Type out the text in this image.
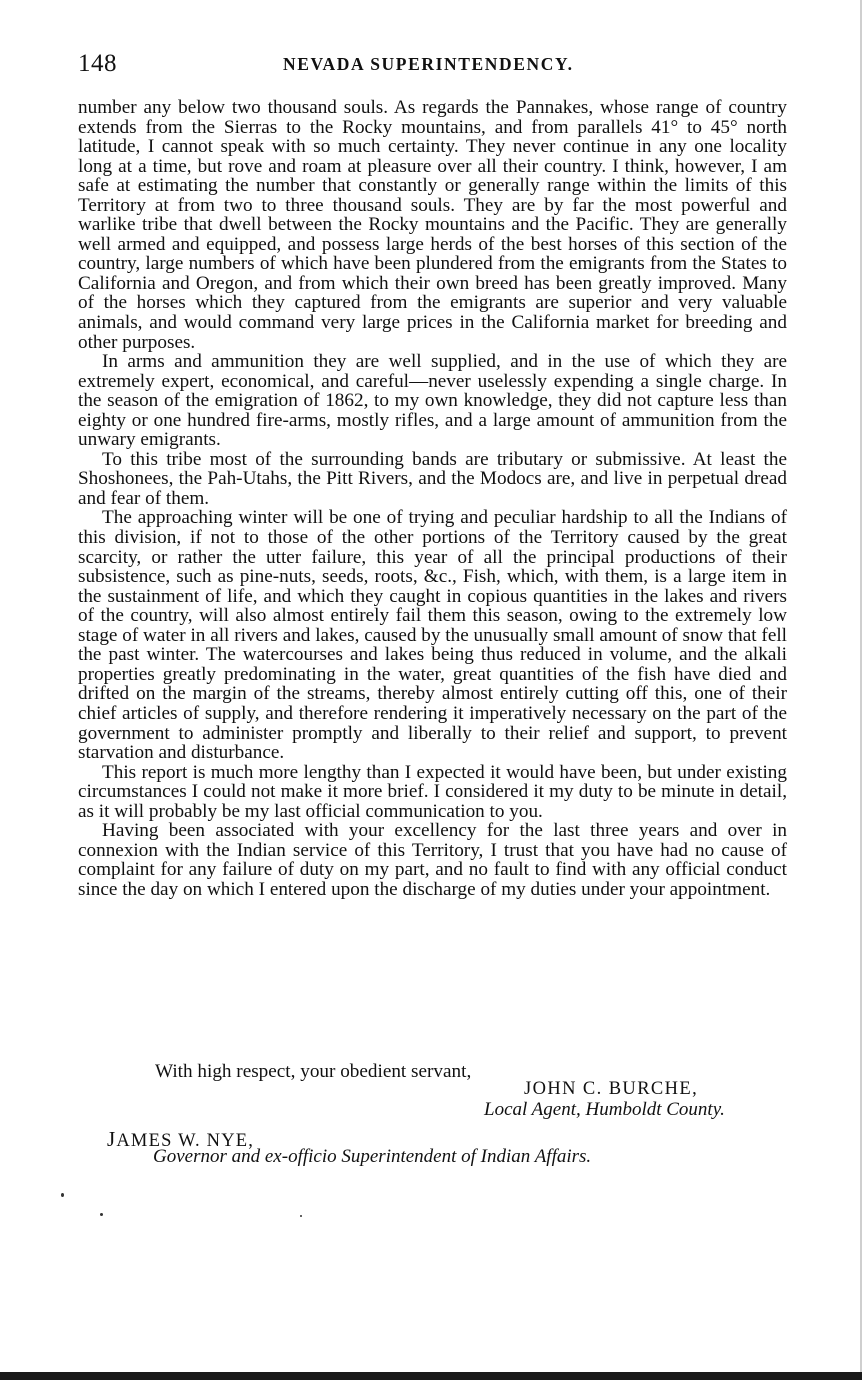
148	NEVADA SUPERINTENDENCY.

number any below two thousand souls. As regards the Pannakes, whose range of country extends from the Sierras to the Rocky mountains, and from parallels 41° to 45° north latitude, I cannot speak with so much certainty. They never continue in any one locality long at a time, but rove and roam at pleasure over all their country. I think, however, I am safe at estimating the number that constantly or generally range within the limits of this Territory at from two to three thousand souls. They are by far the most powerful and warlike tribe that dwell between the Rocky mountains and the Pacific. They are generally well armed and equipped, and possess large herds of the best horses of this section of the country, large numbers of which have been plundered from the emigrants from the States to California and Oregon, and from which their own breed has been greatly improved. Many of the horses which they captured from the emigrants are superior and very valuable animals, and would command very large prices in the California market for breeding and other purposes.

In arms and ammunition they are well supplied, and in the use of which they are extremely expert, economical, and careful—never uselessly expending a single charge. In the season of the emigration of 1862, to my own knowledge, they did not capture less than eighty or one hundred fire-arms, mostly rifles, and a large amount of ammunition from the unwary emigrants.

To this tribe most of the surrounding bands are tributary or submissive. At least the Shoshonees, the Pah-Utahs, the Pitt Rivers, and the Modocs are, and live in perpetual dread and fear of them.

The approaching winter will be one of trying and peculiar hardship to all the Indians of this division, if not to those of the other portions of the Territory caused by the great scarcity, or rather the utter failure, this year of all the principal productions of their subsistence, such as pine-nuts, seeds, roots, &c., Fish, which, with them, is a large item in the sustainment of life, and which they caught in copious quantities in the lakes and rivers of the country, will also almost entirely fail them this season, owing to the extremely low stage of water in all rivers and lakes, caused by the unusually small amount of snow that fell the past winter. The watercourses and lakes being thus reduced in volume, and the alkali properties greatly predominating in the water, great quantities of the fish have died and drifted on the margin of the streams, thereby almost entirely cutting off this, one of their chief articles of supply, and therefore rendering it imperatively necessary on the part of the government to administer promptly and liberally to their relief and support, to prevent starvation and disturbance.

This report is much more lengthy than I expected it would have been, but under existing circumstances I could not make it more brief. I considered it my duty to be minute in detail, as it will probably be my last official communication to you.

Having been associated with your excellency for the last three years and over in connexion with the Indian service of this Territory, I trust that you have had no cause of complaint for any failure of duty on my part, and no fault to find with any official conduct since the day on which I entered upon the discharge of my duties under your appointment.

With high respect, your obedient servant,
JOHN C. BURCHE,
Local Agent, Humboldt County.
JAMES W. NYE,
Governor and ex-officio Superintendent of Indian Affairs.
